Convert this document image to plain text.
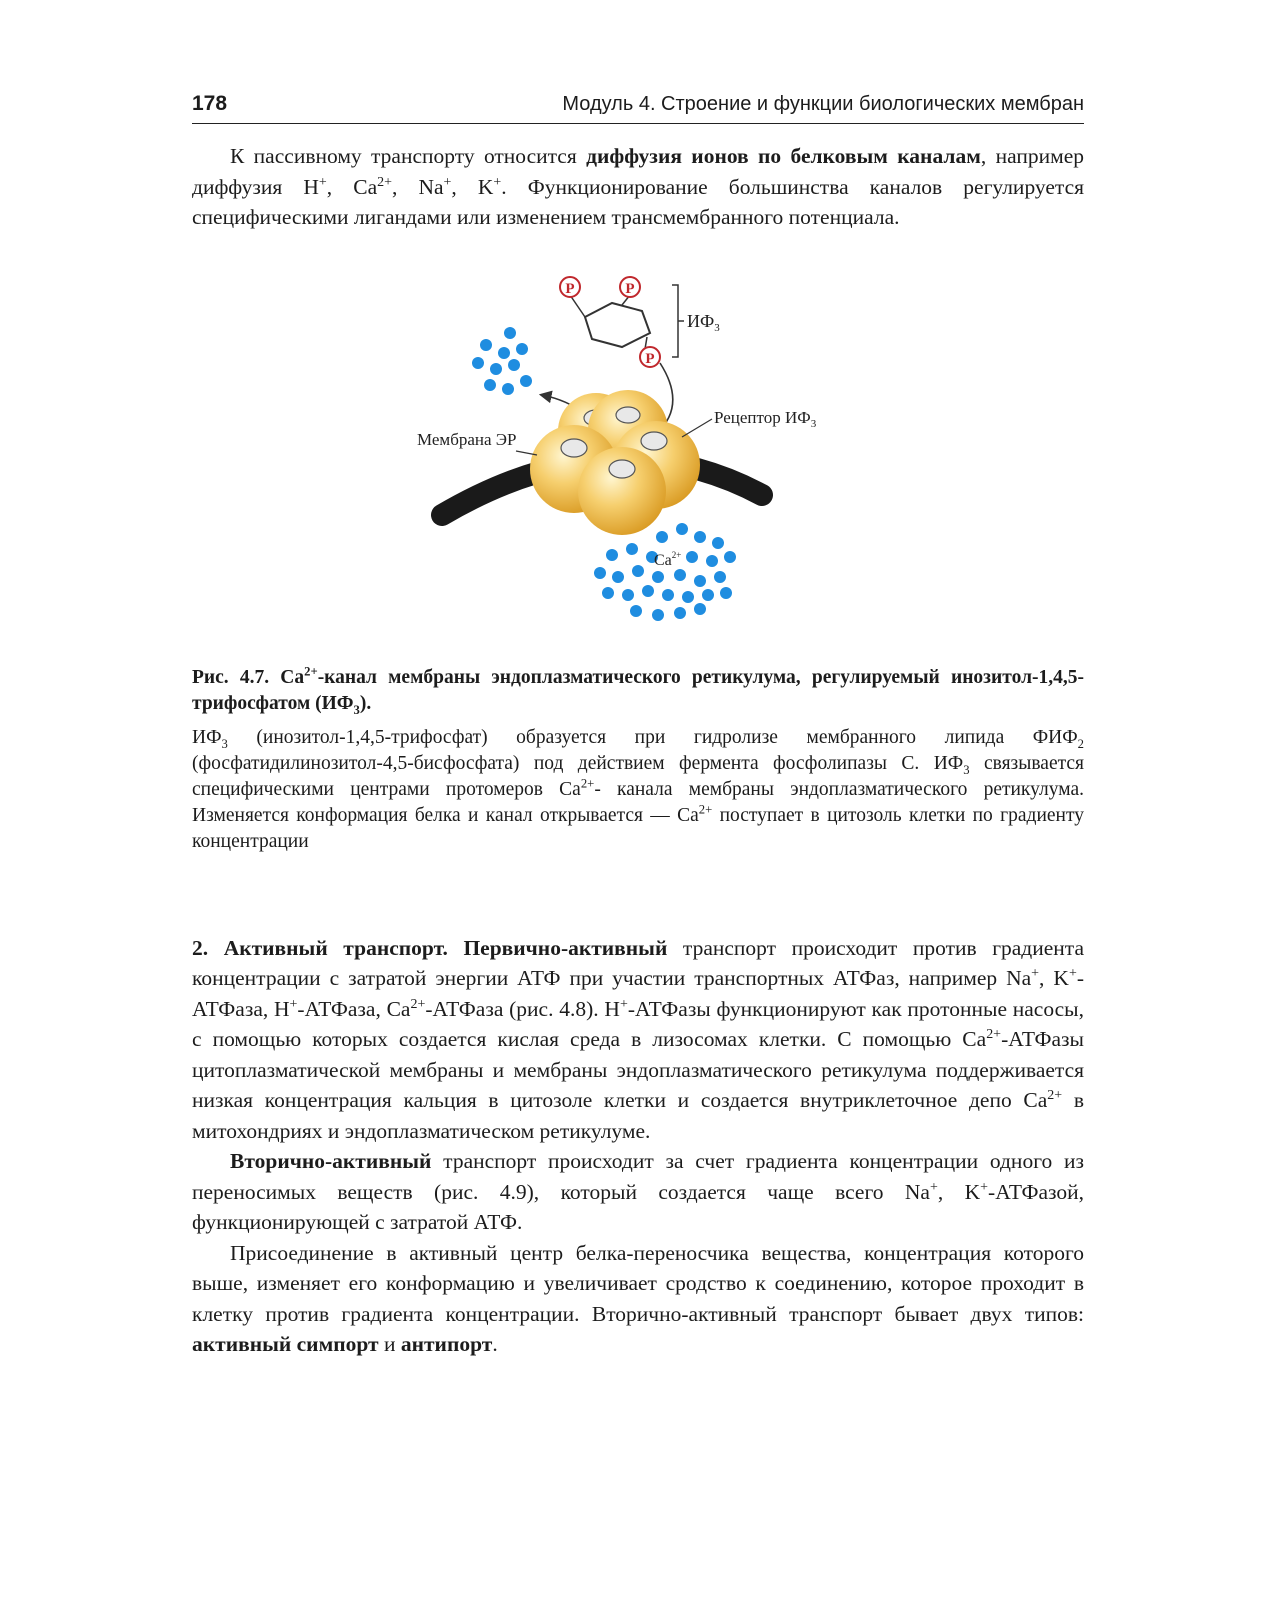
178	Модуль 4. Строение и функции биологических мембран

К пассивному транспорту относится диффузия ионов по белковым каналам, например диффузия Н+, $Са^{2+}$, Na+, K+. Функционирование большинства каналов регулируется специфическими лигандами или изменением трансмембранного потенциала.

P	P
P
$ИФ_3$
Мембрана ЭР
Рецептор $ИФ_3$
$Ca^{2+}$

Рис. 4.7. $Са^{2+}$-канал мембраны эндоплазматического ретикулума, регулируемый инозитол-1,4,5-трифосфатом $(ИФ_3)$.

$ИФ_3$ (инозитол-1,4,5-трифосфат) образуется при гидролизе мембранного липида $ФИФ_2$ (фосфатидилинозитол-4,5-бисфосфата) под действием фермента фосфолипазы С. $ИФ_3$ связывается специфическими центрами протомеров $Са^{2+}-$ канала мембраны эндоплазматического ретикулума. Изменяется конформация белка и канал открывается — $Са^{2+}$ поступает в цитозоль клетки по градиенту концентрации

2. Активный транспорт. Первично-активный транспорт происходит против градиента концентрации с затратой энергии АТФ при участии транспортных АТФаз, например Na+, K+-АТФаза, Н+-АТФаза, $Са^{2+}$-АТФаза (рис. 4.8). Н+-АТФазы функционируют как протонные насосы, с помощью которых создается кислая среда в лизосомах клетки. С помощью $Са^{2+}$-АТФазы цитоплазматической мембраны и мембраны эндоплазматического ретикулума поддерживается низкая концентрация кальция в цитозоле клетки и создается внутриклеточное депо $Са^{2+}$ в митохондриях и эндоплазматическом ретикулуме.

Вторично-активный транспорт происходит за счет градиента концентрации одного из переносимых веществ (рис. 4.9), который создается чаще всего Na+, K+-АТФазой, функционирующей с затратой АТФ.

Присоединение в активный центр белка-переносчика вещества, концентрация которого выше, изменяет его конформацию и увеличивает сродство к соединению, которое проходит в клетку против градиента концентрации. Вторично-активный транспорт бывает двух типов: активный симпорт и антипорт.
